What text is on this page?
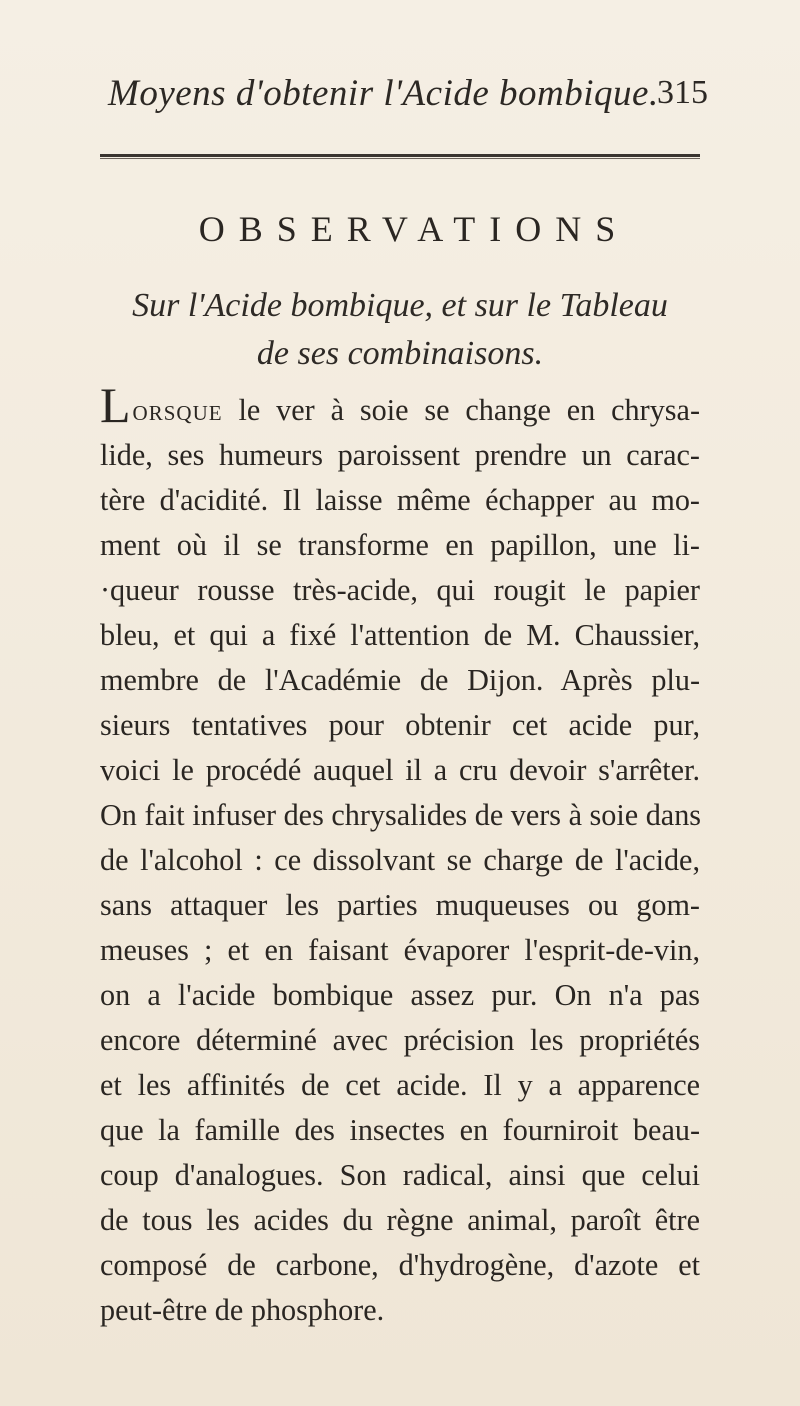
Moyens d'obtenir l'Acide bombique.
315
OBSERVATIONS
Sur l'Acide bombique, et sur le Tableau
de ses combinaisons.
Lorsque le ver à soie se change en chrysa-
lide, ses humeurs paroissent prendre un carac-
tère d'acidité. Il laisse même échapper au mo-
ment où il se transforme en papillon, une li-
·queur rousse très-acide, qui rougit le papier
bleu, et qui a fixé l'attention de M. Chaussier,
membre de l'Académie de Dijon. Après plu-
sieurs tentatives pour obtenir cet acide pur,
voici le procédé auquel il a cru devoir s'arrêter.
On fait infuser des chrysalides de vers à soie dans
de l'alcohol : ce dissolvant se charge de l'acide,
sans attaquer les parties muqueuses ou gom-
meuses ; et en faisant évaporer l'esprit-de-vin,
on a l'acide bombique assez pur. On n'a pas
encore déterminé avec précision les propriétés
et les affinités de cet acide. Il y a apparence
que la famille des insectes en fourniroit beau-
coup d'analogues. Son radical, ainsi que celui
de tous les acides du règne animal, paroît être
composé de carbone, d'hydrogène, d'azote et
peut-être de phosphore.
